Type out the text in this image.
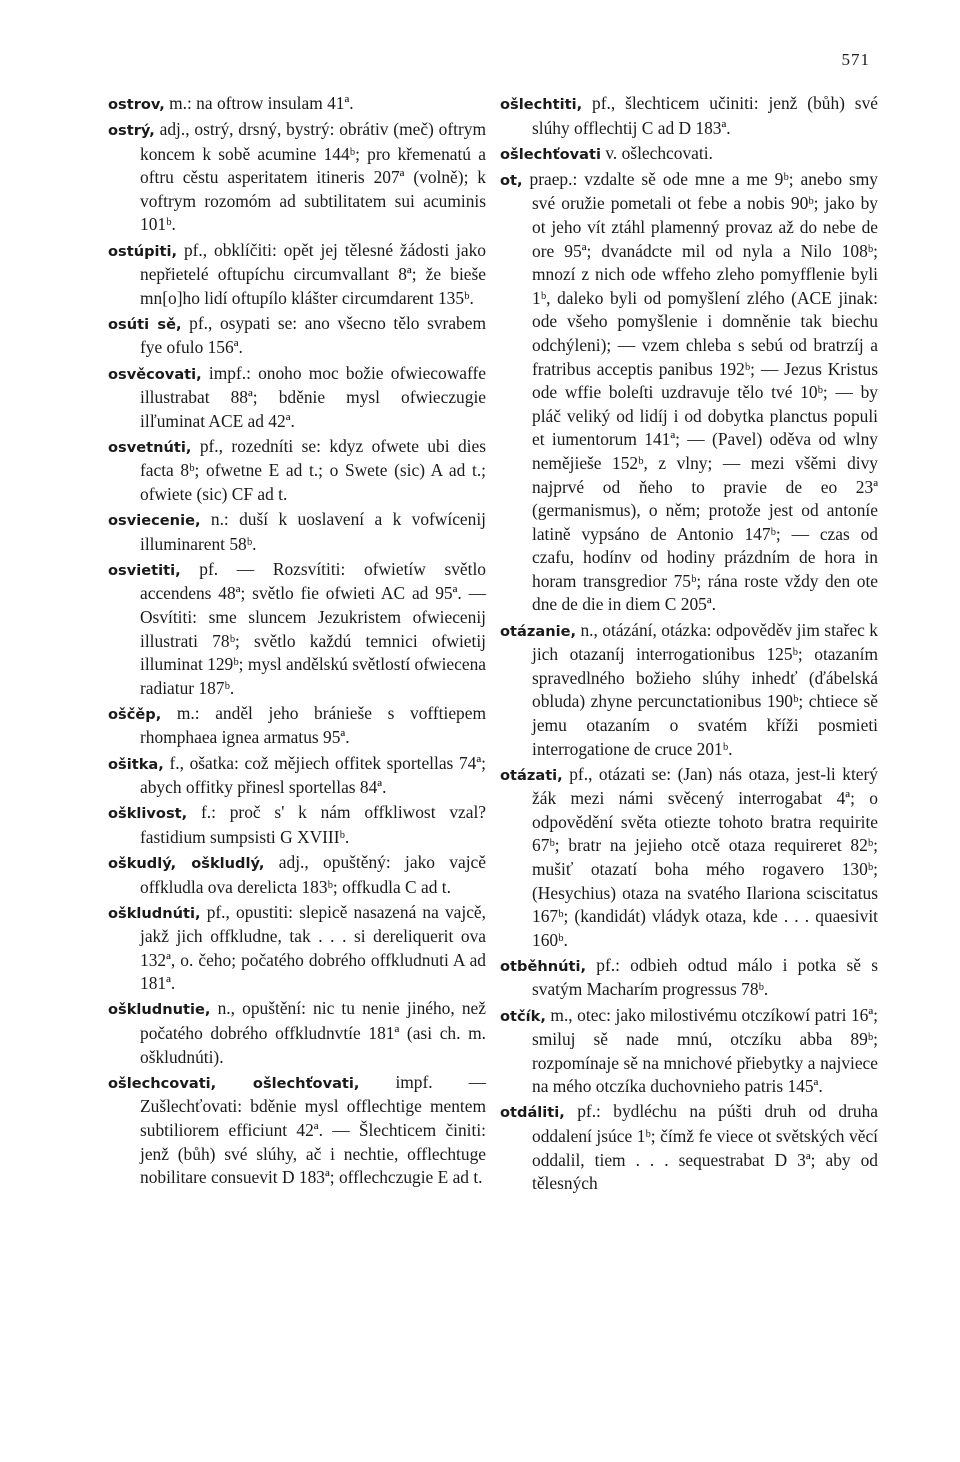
571

ostrov, m.: na oftrow insulam 41ª.

ostrý, adj., ostrý, drsný, bystrý: obrátiv (meč) oftrym koncem k sobě acumine 144ᵇ; pro křemenatú a oftru cěstu asperitatem itineris 207ª (volně); k voftrym rozomóm ad subtilitatem sui acuminis 101ᵇ.

ostúpiti, pf., obklíčiti: opět jej tělesné žádosti jako nepřietelé oftupíchu circumvallant 8ª; že bieše mn[o]ho lidí oftupílo klášter circumdarent 135ᵇ.

osúti sě, pf., osypati se: ano všecno tělo svrabem fye ofulo 156ª.

osvěcovati, impf.: onoho moc božie ofwiecowaffe illustrabat 88ª; bděnie mysl ofwieczugie ilľuminat ACE ad 42ª.

osvetnúti, pf., rozedníti se: kdyz ofwete ubi dies facta 8ᵇ; ofwetne E ad t.; o Swete (sic) A ad t.; ofwiete (sic) CF ad t.

osviecenie, n.: duší k uoslavení a k vofwícenij illuminarent 58ᵇ.

osvietiti, pf. — Rozsvítiti: ofwietíw světlo accendens 48ª; světlo fie ofwieti AC ad 95ª. — Osvítiti: sme sluncem Jezukristem ofwiecenij illustrati 78ᵇ; světlo každú temnici ofwietij illuminat 129ᵇ; mysl andělskú světlostí ofwiecena radiatur 187ᵇ.

oščěp, m.: anděl jeho bránieše s vofftiepem rhomphaea ignea armatus 95ª.

ošitka, f., ošatka: což mějiech offitek sportellas 74ª; abych offitky přinesl sportellas 84ª.

ošklivost, f.: proč s' k nám offkliwost vzal? fastidium sumpsisti G XVIIIᵇ.

oškudlý, oškludlý, adj., opuštěný: jako vajcě offkludla ova derelicta 183ᵇ; offkudla C ad t.

oškludnúti, pf., opustiti: slepicě nasazená na vajcě, jakž jich offkludne, tak . . . si dereliquerit ova 132ª, o. čeho; počatého dobrého offkludnuti A ad 181ª.

oškludnutie, n., opuštění: nic tu nenie jiného, než počatého dobrého offkludnvtíe 181ª (asi ch. m. oškludnúti).

ošlechcovati, ošlechťovati, impf. — Zušlechťovati: bděnie mysl offlechtige mentem subtiliorem efficiunt 42ª. — Šlechticem činiti: jenž (bůh) své slúhy, ač i nechtie, offlechtuge nobilitare consuevit D 183ª; offlechczugie E ad t.

ošlechtiti, pf., šlechticem učiniti: jenž (bůh) své slúhy offlechtij C ad D 183ª.

ošlechťovati v. ošlechcovati.

ot, praep.: vzdalte sě ode mne a me 9ᵇ; anebo smy své oružie pometali ot febe a nobis 90ᵇ; jako by ot jeho vít ztáhl plamenný provaz až do nebe de ore 95ª; dvanádcte mil od nyla a Nilo 108ᵇ; mnozí z nich ode wffeho zleho pomyfflenie byli 1ᵇ, daleko byli od pomyšlení zlého (ACE jinak: ode všeho pomyšlenie i domněnie tak biechu odchýleni); — vzem chleba s sebú od bratrzíj a fratribus acceptis panibus 192ᵇ; — Jezus Kristus ode wffie boleſti uzdravuje tělo tvé 10ᵇ; — by pláč veliký od lidíj i od dobytka planctus populi et iumentorum 141ª; — (Pavel) oděva od wlny nemějieše 152ᵇ, z vlny; — mezi všěmi divy najprvé od ňeho to pravie de eo 23ª (germanismus), o něm; protože jest od antoníe latině vypsáno de Antonio 147ᵇ; — czas od czafu, hodínv od hodiny prázdním de hora in horam transgredior 75ᵇ; rána roste vždy den ote dne de die in diem C 205ª.

otázanie, n., otázání, otázka: odpověděv jim stařec k jich otazaníj interrogationibus 125ᵇ; otazaním spravedlného božieho slúhy inhedť (ďábelská obluda) zhyne percunctationibus 190ᵇ; chtiece sě jemu otazaním o svatém kříži posmieti interrogatione de cruce 201ᵇ.

otázati, pf., otázati se: (Jan) nás otaza, jest-li který žák mezi námi svěcený interrogabat 4ª; o odpovědění světa otiezte tohoto bratra requirite 67ᵇ; bratr na jejieho otcě otaza requireret 82ᵇ; mušiť otazatí boha mého rogavero 130ᵇ; (Hesychius) otaza na svatého Ilariona sciscitatus 167ᵇ; (kandidát) vládyk otaza, kde . . . quaesivit 160ᵇ.

otběhnúti, pf.: odbieh odtud málo i potka sě s svatým Macharím progressus 78ᵇ.

otčík, m., otec: jako milostivému otczíkowí patri 16ª; smiluj sě nade mnú, otczíku abba 89ᵇ; rozpomínaje sě na mnichové přiebytky a najviece na mého otczíka duchovnieho patris 145ª.

otdáliti, pf.: bydléchu na púšti druh od druha oddalení jsúce 1ᵇ; čímž fe viece ot světských věcí oddalil, tiem . . . sequestrabat D 3ª; aby od tělesných
